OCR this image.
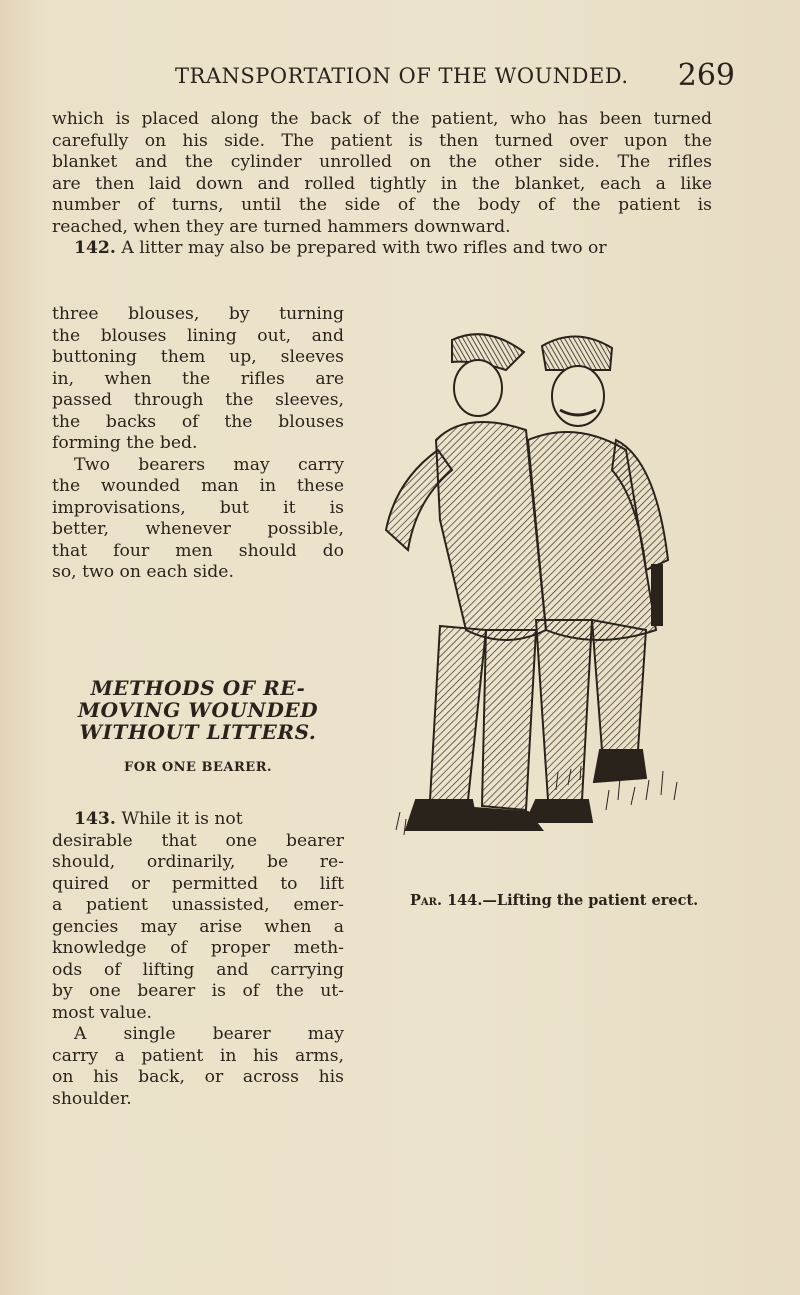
TRANSPORTATION OF THE WOUNDED. 269
which is placed along the back of the patient, who has been turned
carefully on his side. The patient is then turned over upon the
blanket and the cylinder unrolled on the other side. The rifles
are then laid down and rolled tightly in the blanket, each a like
number of turns, until the side of the body of the patient is
reached, when they are turned hammers downward.
142. A litter may also be prepared with two rifles and two or
three blouses, by turning
the blouses lining out, and
buttoning them up, sleeves
in, when the rifles are
passed through the sleeves,
the backs of the blouses
forming the bed.
Two bearers may carry
the wounded man in these
improvisations, but it is
better, whenever possible,
that four men should do
so, two on each side.
METHODS OF RE-
MOVING WOUNDED
WITHOUT LITTERS.
FOR ONE BEARER.
143. While it is not
desirable that one bearer
should, ordinarily, be re-
quired or permitted to lift
a patient unassisted, emer-
gencies may arise when a
knowledge of proper meth-
ods of lifting and carrying
by one bearer is of the ut-
most value.
A single bearer may
carry a patient in his arms,
on his back, or across his
shoulder.
Par. 144.—Lifting the patient erect.
